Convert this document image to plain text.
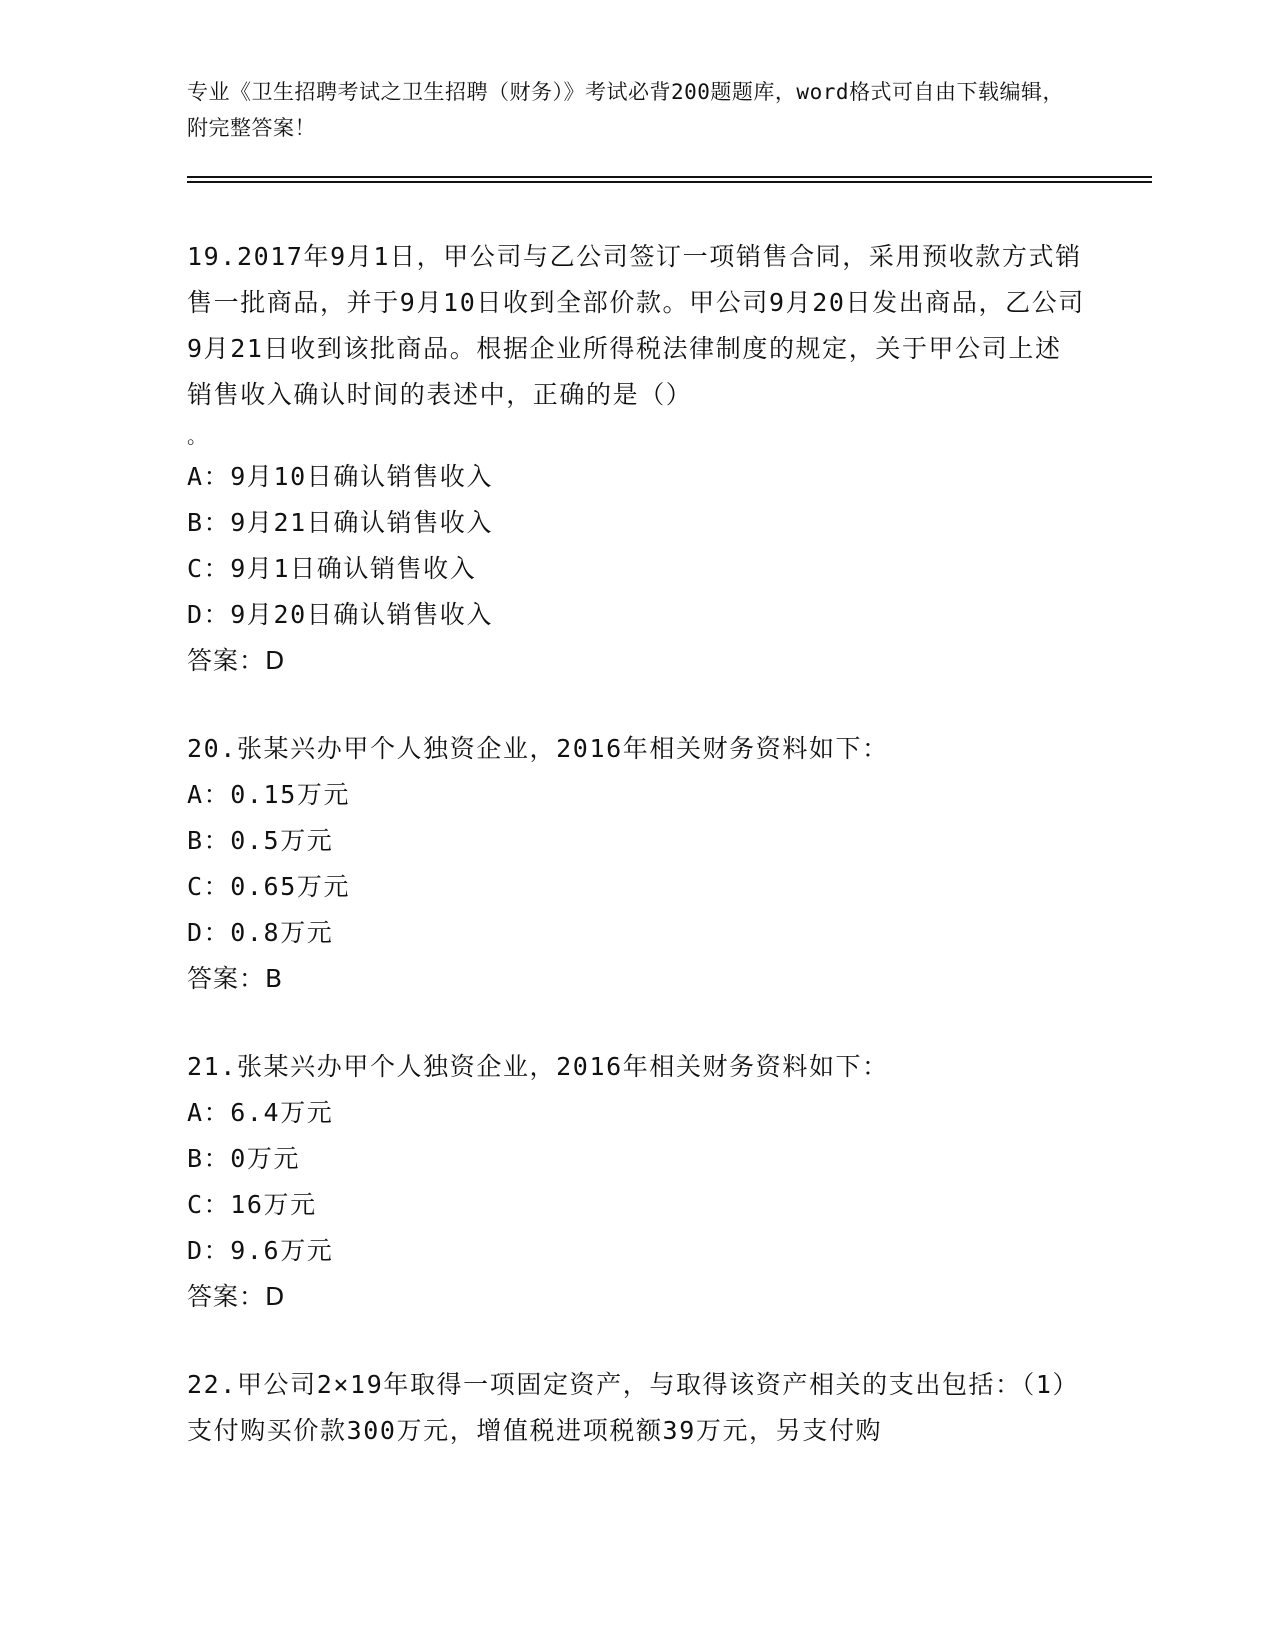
专业《卫生招聘考试之卫生招聘（财务）》考试必背200题题库，word格式可自由下载编辑，附完整答案！
19.2017年9月1日，甲公司与乙公司签订一项销售合同，采用预收款方式销售一批商品，并于9月10日收到全部价款。甲公司9月20日发出商品，乙公司9月21日收到该批商品。根据企业所得税法律制度的规定，关于甲公司上述销售收入确认时间的表述中，正确的是（）
。
A：9月10日确认销售收入
B：9月21日确认销售收入
C：9月1日确认销售收入
D：9月20日确认销售收入
答案：D
20.张某兴办甲个人独资企业，2016年相关财务资料如下：
A：0.15万元
B：0.5万元
C：0.65万元
D：0.8万元
答案：B
21.张某兴办甲个人独资企业，2016年相关财务资料如下：
A：6.4万元
B：0万元
C：16万元
D：9.6万元
答案：D
22.甲公司2×19年取得一项固定资产，与取得该资产相关的支出包括：（1）支付购买价款300万元，增值税进项税额39万元，另支付购
